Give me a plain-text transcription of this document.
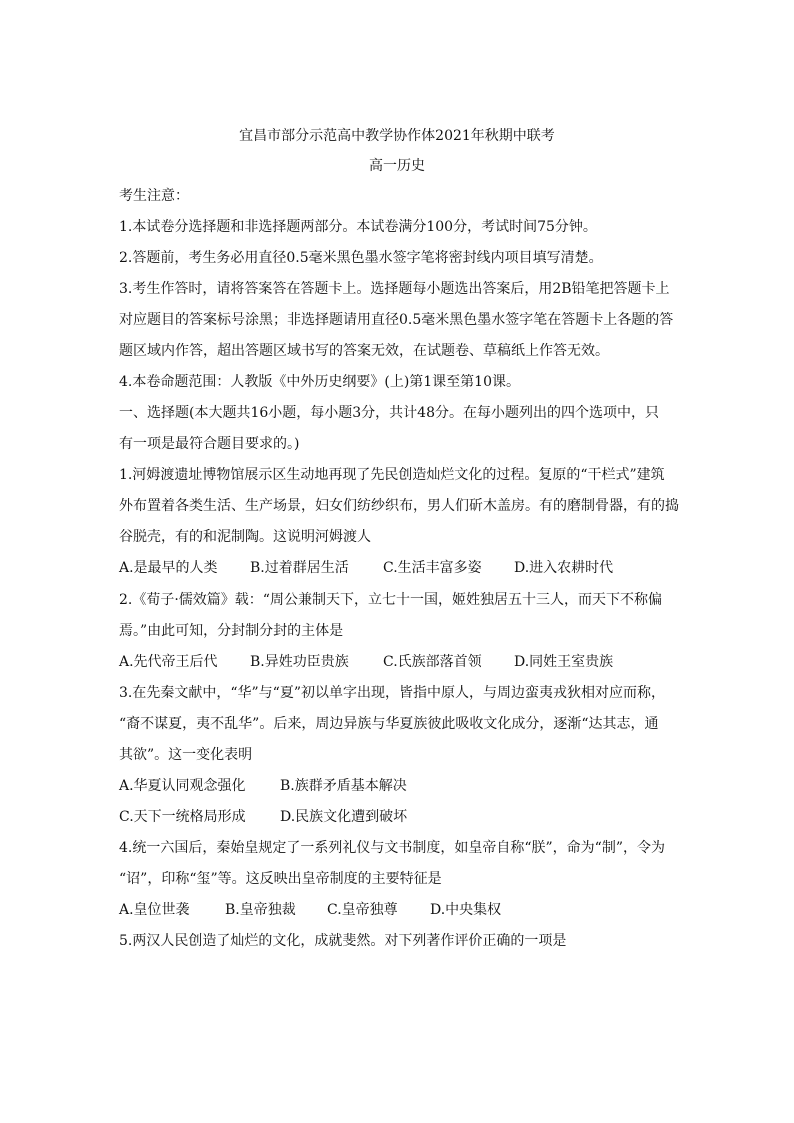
宜昌市部分示范高中教学协作体2021年秋期中联考
高一历史
考生注意：
1.本试卷分选择题和非选择题两部分。本试卷满分100分，考试时间75分钟。
2.答题前，考生务必用直径0.5毫米黑色墨水签字笔将密封线内项目填写清楚。
3.考生作答时，请将答案答在答题卡上。选择题每小题选出答案后，用2B铅笔把答题卡上
对应题目的答案标号涂黑；非选择题请用直径0.5毫米黑色墨水签字笔在答题卡上各题的答
题区域内作答，超出答题区域书写的答案无效，在试题卷、草稿纸上作答无效。
4.本卷命题范围：人教版《中外历史纲要》(上)第1课至第10课。
一、选择题(本大题共16小题，每小题3分，共计48分。在每小题列出的四个选项中，只
有一项是最符合题目要求的。)
1.河姆渡遗址博物馆展示区生动地再现了先民创造灿烂文化的过程。复原的“干栏式”建筑
外布置着各类生活、生产场景，妇女们纺纱织布，男人们斫木盖房。有的磨制骨器，有的捣
谷脱壳，有的和泥制陶。这说明河姆渡人
A.是最早的人类 B.过着群居生活 C.生活丰富多姿 D.进入农耕时代
2.《荀子·儒效篇》载：“周公兼制天下，立七十一国，姬姓独居五十三人，而天下不称偏
焉。”由此可知，分封制分封的主体是
A.先代帝王后代 B.异姓功臣贵族 C.氏族部落首领 D.同姓王室贵族
3.在先秦文献中，“华”与“夏”初以单字出现，皆指中原人，与周边蛮夷戎狄相对应而称，
“裔不谋夏，夷不乱华”。后来，周边异族与华夏族彼此吸收文化成分，逐渐“达其志，通
其欲”。这一变化表明
A.华夏认同观念强化 B.族群矛盾基本解决
C.天下一统格局形成 D.民族文化遭到破坏
4.统一六国后，秦始皇规定了一系列礼仪与文书制度，如皇帝自称“朕”，命为“制”，令为
“诏”，印称“玺”等。这反映出皇帝制度的主要特征是
A.皇位世袭	B.皇帝独裁 C.皇帝独尊 D.中央集权
5.两汉人民创造了灿烂的文化，成就斐然。对下列著作评价正确的一项是
